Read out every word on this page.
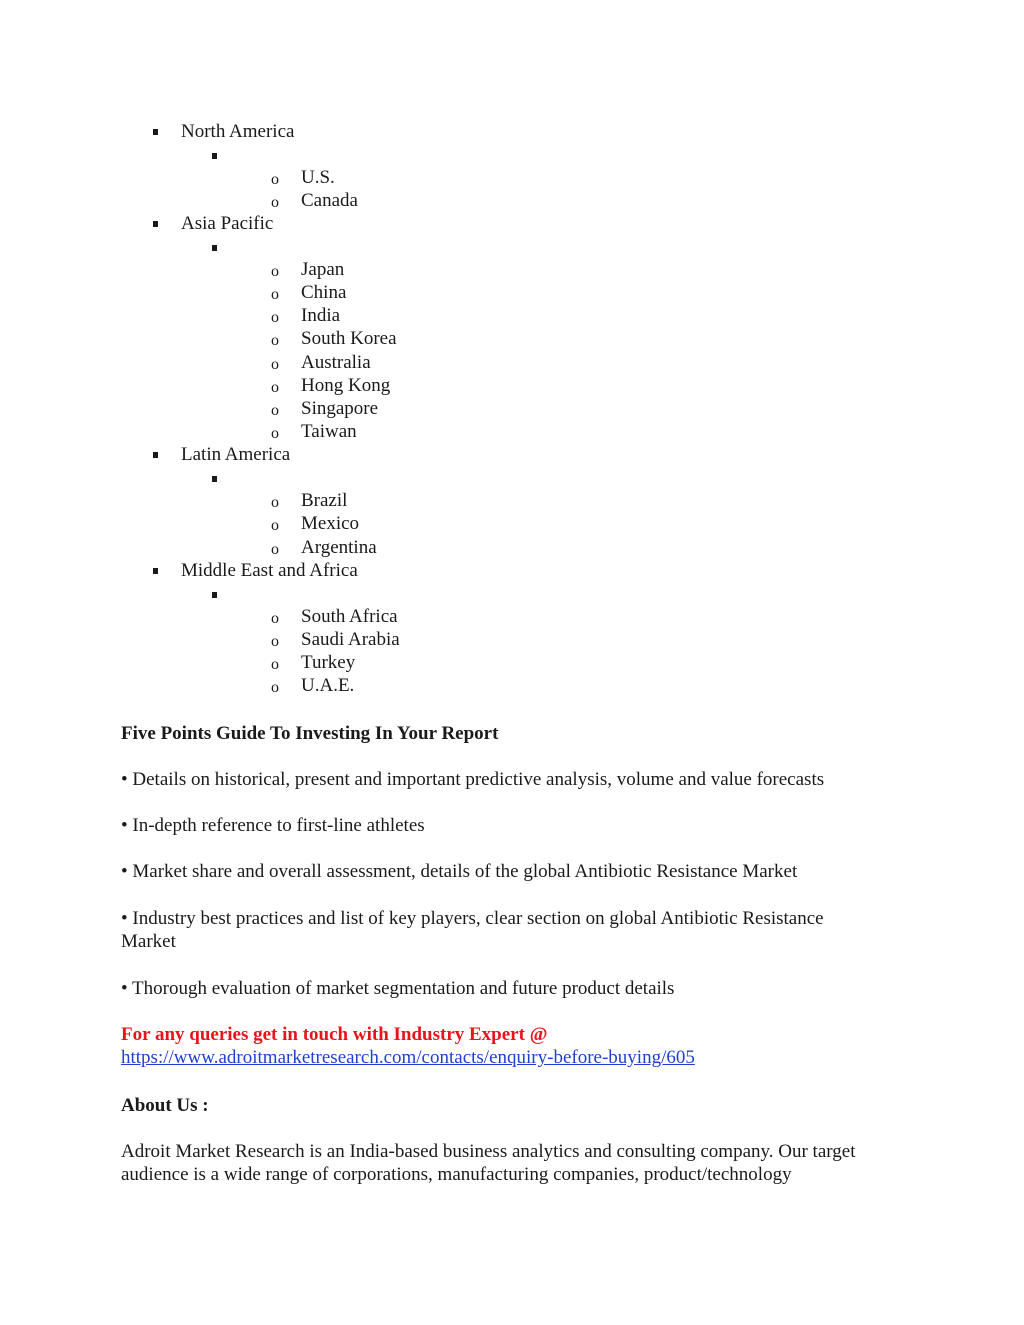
North America
o U.S.
o Canada
Asia Pacific
o Japan
o China
o India
o South Korea
o Australia
o Hong Kong
o Singapore
o Taiwan
Latin America
o Brazil
o Mexico
o Argentina
Middle East and Africa
o South Africa
o Saudi Arabia
o Turkey
o U.A.E.
Five Points Guide To Investing In Your Report
• Details on historical, present and important predictive analysis, volume and value forecasts
• In-depth reference to first-line athletes
• Market share and overall assessment, details of the global Antibiotic Resistance Market
• Industry best practices and list of key players, clear section on global Antibiotic Resistance
Market
• Thorough evaluation of market segmentation and future product details
For any queries get in touch with Industry Expert @
https://www.adroitmarketresearch.com/contacts/enquiry-before-buying/605
About Us :
Adroit Market Research is an India-based business analytics and consulting company. Our target
audience is a wide range of corporations, manufacturing companies, product/technology
